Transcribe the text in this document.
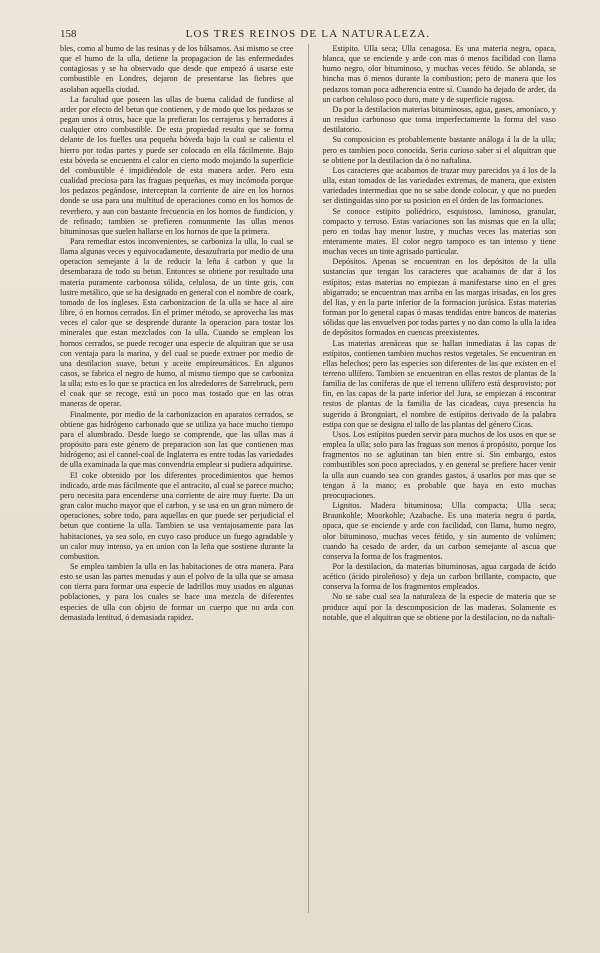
158	LOS TRES REINOS DE LA NATURALEZA.

bles, como al humo de las resinas y de los bálsamos. Asi mismo se cree que el humo de la ulla, detiene la propagacion de las enfermedades contagiosas y se ha observado que desde que empezó á usarse este combustible en Londres, dejaron de presentarse las fiebres que asolaban aquella ciudad.

La facultad que poseen las ullas de buena calidad de fundirse al arder por efecto del betun que contienen, y de modo que los pedazos se pegan unos á otros, hace que la prefieran los cerrajeros y herradores á cualquier otro combustible. De esta propiedad resulta que se forma delante de los fuelles una pequeña bóveda bajo la cual se calienta el hierro por todas partes y puede ser colocado en ella fácilmente. Bajo esta bóveda se encuentra el calor en cierto modo mojando la superficie del combustible é impidiéndole de esta manera arder. Pero esta cualidad preciosa para las fraguas pequeñas, es muy incómoda porque los pedazos pegándose, interceptan la corriente de aire en los hornos donde se usa para una multitud de operaciones como en los hornos de reverbero, y aun con bastante frecuencia en los hornos de fundicion, y de refinado; tambien se prefieren comunmente las ullas menos bituminosas que suelen hallarse en los hornos de que la primera.

Para remediar estos inconvenientes, se carboniza la ulla, lo cual se llama algunas veces y equivocadamente, desazufraria por medio de una operacion semejante á la de reducir la leña á carbon y que la desembaraza de todo su betun. Entonces se obtiene por resultado una materia puramente carbonosa sólida, celulosa, de un tinte gris, con lustre metálico, que se ha designado en general con el nombre de coark, tomado de los ingleses. Esta carbonizacion de la ulla se hace al aire libre, ó en hornos cerrados. En el primer método, se aprovecha las mas veces el calor que se desprende durante la operacion para tostar los minerales que estan mezclados con la ulla. Cuando se emplean los hornos cerrados, se puede recoger una especie de alquitran que se usa con ventaja para la marina, y del cual se puede extraer por medio de una destilacion suave, betun y aceite empireumáticos. En algunos casos, se fabrica el negro de humo, al mismo tiempo que se carboniza la ulla; esto es lo que se practica en los alrededores de Sarrebruck, pero el coak que se recoge, está un poco mas tostado que en las otras maneras de operar.

Finalmente, por medio de la carbonizacion en aparatos cerrados, se obtiene gas hidrógeno carbonado que se utiliza ya hace mucho tiempo para el alumbrado. Desde luego se comprende, que las ullas mas á propósito para este género de preparacion son las que contienen mas hidrógeno; asi el cannel-coal de Inglaterra es entre todas las variedades de ulla examinada la que mas convendria emplear si pudiera adquirirse.

El coke obtenido por los diferentes procedimientos que hemos indicado, arde mas fácilmente que el antracito, al cual se parece mucho; pero necesita para encenderse una corriente de aire muy fuerte. Da un gran calor mucho mayor que el carbon, y se usa en un gran número de operaciones, sobre todo, para aquellas en que puede ser perjudicial el betun que contiene la ulla. Tambien se usa ventajosamente para las habitaciones, ya sea solo, en cuyo caso produce un fuego agradable y un calor muy intenso, ya en union con la leña que sostiene durante la combustion.

Se emplea tambien la ulla en las habitaciones de otra manera. Para esto se usan las partes menudas y aun el polvo de la ulla que se amasa con tierra para formar una especie de ladrillos muy usados en algunas poblaciones, y para los cuales se hace una mezcla de diferentes especies de ulla con objeto de formar un cuerpo que no arda con demasiada lentitud, ó demasiada rapidez.

Estipito. Ulla seca; Ulla cenagosa. Es una materia negra, opaca, blanca, que se enciende y arde con mas ó menos facilidad con llama humo negro, olor bituminoso, y muchas veces fétido. Se ablanda, se hincha mas ó menos durante la combustion; pero de manera que los pedazos toman poca adherencia entre sí. Cuando ha dejado de arder, da un carbon celuloso poco duro, mate y de superficie rugosa.

Da por la destilacion materias bituminosas, agua, gases, amoníaco, y un residuo carbonoso que toma imperfectamente la forma del vaso destilatorio.

Su composicion es probablemente bastante análoga á la de la ulla; pero es tambien poco conocida. Seria curioso saber si el alquitran que se obtiene por la destilacion da ó no naftalina.

Los caracteres que acabamos de trazar muy parecidos ya á los de la ulla, estan tomados de las variedades extremas, de manera, que existen variedades intermedias que no se sabe donde colocar, y que no pueden ser distinguidas sino por su posicion en el órden de las formaciones.

Se conoce estipito poliédrico, esquistoso, laminoso, granular, compacto y terroso. Estas variaciones son las mismas que en la ulla; pero en todas hay menor lustre, y muchas veces las materias son enteramente mates. El color negro tampoco es tan intenso y tiene muchas veces un tinte agrisado particular.

Depósitos. Apenas se encuentran en los depósitos de la ulla sustancias que tengan los caracteres que acabamos de dar á los estípitos; estas materias no empiezan á manifestarse sino en el gres abigarrado; se encuentran mas arriba en las margas irisadas, en los gres del lias, y en la parte inferior de la formacion jurásica. Estas materias forman por lo general capas ó masas tendidas entre bancos de materias sólidas que las envuelven por todas partes y no dan como la ulla la idea de depósitos formados en cuencas preexistentes.

Las materias arenáceas que se hallan inmediatas á las capas de estípitos, contienen tambien muchos restos vegetales. Se encuentran en ellas helechos; pero las especies son diferentes de las que existen en el terreno ullífero. Tambien se encuentran en ellas restos de plantas de la familia de las coníferas de que el terreno ullífero está desprovisto; por fin, en las capas de la parte inferior del Jura, se empiezan á encontrar restos de plantas de la familia de las cicadeas, cuya presencia ha sugerido á Brongniart, el nombre de estípitos derivado de la palabra estipa con que se designa el tallo de las plantas del género Cicas.

Usos. Los estípitos pueden servir para muchos de los usos en que se emplea la ulla; solo para las fraguas son menos á propósito, porque los fragmentos no se aglutinan tan bien entre sí. Sin embargo, estos combustibles son poco apreciados, y en general se prefiere hacer venir la ulla aun cuando sea con grandes gastos, á usarlos por mas que se tengan á la mano; es probable que haya en esto muchas preocupaciones.

Lignitos. Madera bituminosa; Ulla compacta; Ulla seca; Braunkohle; Moorkohle; Azabache. Es una materia negra ó parda, opaca, que se enciende y arde con facilidad, con llama, humo negro, olor bituminoso, muchas veces fétido, y sin aumento de volúmen; cuando ha cesado de arder, da un carbon semejante al ascua que conserva la forma de los fragmentos.

Por la destilacion, da materias bituminosas, agua cargada de ácido acético (ácido piroleñoso) y deja un carbon brillante, compacto, que conserva la forma de los fragmentos empleados.

No se sabe cual sea la naturaleza de la especie de materia que se produce aquí por la descomposicion de las maderas. Solamente es notable, que el alquitran que se obtiene por la destilacion, no da naftali-
